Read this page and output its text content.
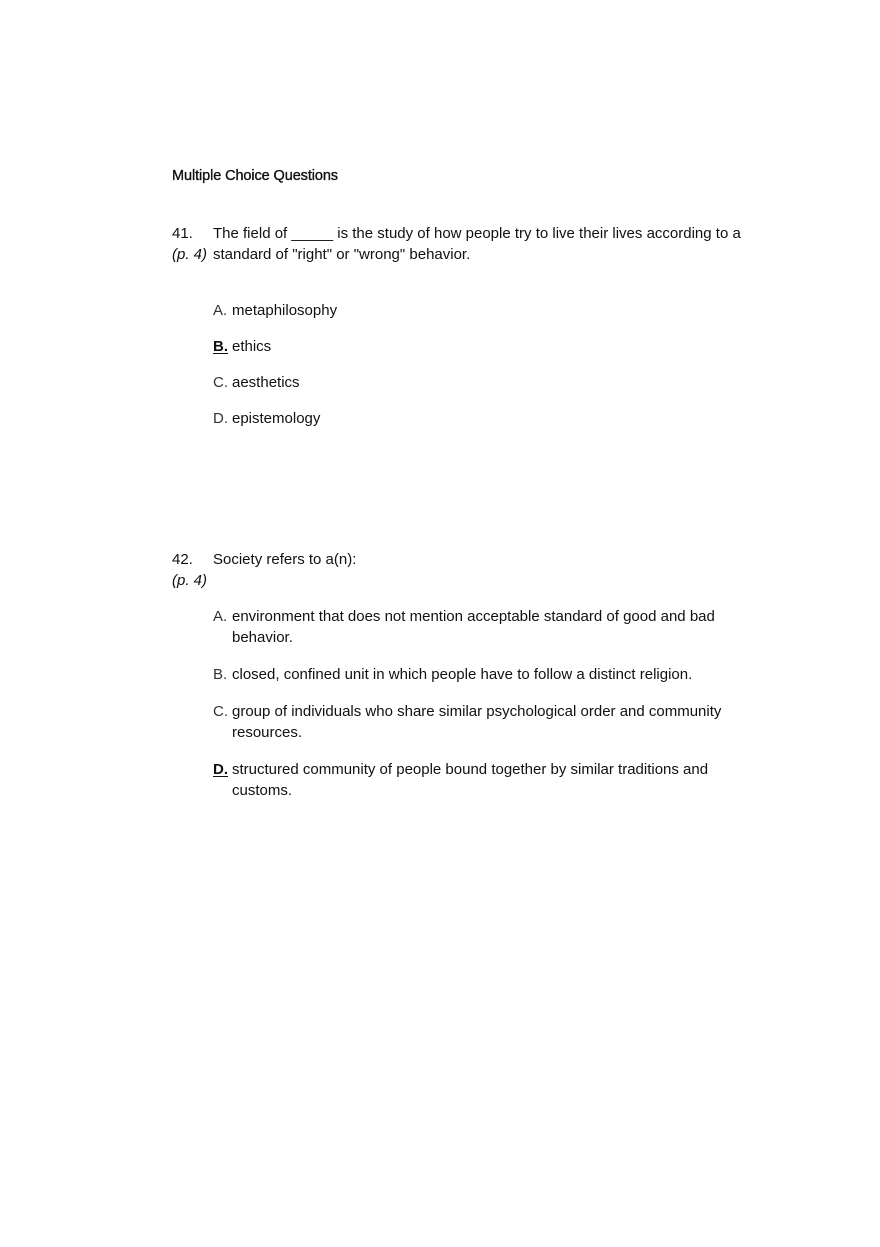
Multiple Choice Questions
41.
(p. 4)
The field of _____ is the study of how people try to live their lives according to a standard of "right" or "wrong" behavior.
A. metaphilosophy
B. ethics
C. aesthetics
D. epistemology
42.
(p. 4)
Society refers to a(n):
A. environment that does not mention acceptable standard of good and bad behavior.
B. closed, confined unit in which people have to follow a distinct religion.
C. group of individuals who share similar psychological order and community resources.
D. structured community of people bound together by similar traditions and customs.
